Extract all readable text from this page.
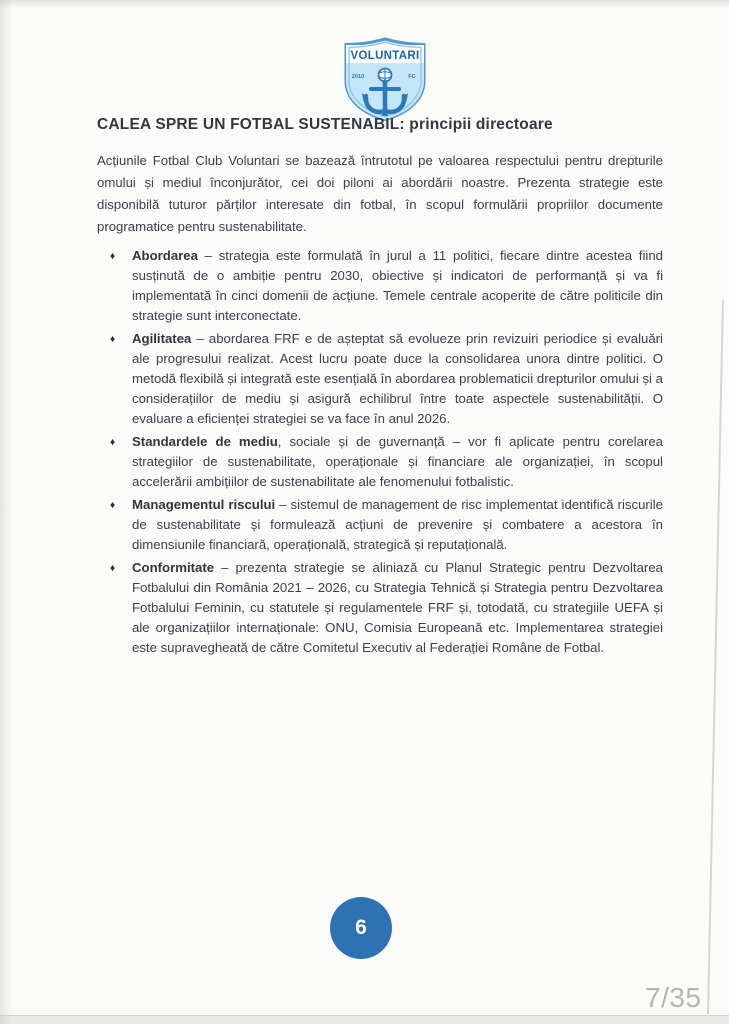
VOLUNTARI
2010	FC
CALEA SPRE UN FOTBAL SUSTENABIL: principii directoare

Acțiunile Fotbal Club Voluntari se bazează întrutotul pe valoarea respectului pentru drepturile omului și mediul înconjurător, cei doi piloni ai abordării noastre. Prezenta strategie este disponibilă tuturor părților interesate din fotbal, în scopul formulării propriilor documente programatice pentru sustenabilitate.

♦ Abordarea – strategia este formulată în jurul a 11 politici, fiecare dintre acestea fiind susținută de o ambiție pentru 2030, obiective și indicatori de performanță și va fi implementată în cinci domenii de acțiune. Temele centrale acoperite de către politicile din strategie sunt interconectate.
♦ Agilitatea – abordarea FRF e de așteptat să evolueze prin revizuiri periodice și evaluări ale progresului realizat. Acest lucru poate duce la consolidarea unora dintre politici. O metodă flexibilă și integrată este esențială în abordarea problematicii drepturilor omului și a considerațiilor de mediu și asigură echilibrul între toate aspectele sustenabilității. O evaluare a eficienței strategiei se va face în anul 2026.
♦ Standardele de mediu, sociale și de guvernanță – vor fi aplicate pentru corelarea strategiilor de sustenabilitate, operaționale și financiare ale organizației, în scopul accelerării ambițiilor de sustenabilitate ale fenomenului fotbalistic.
♦ Managementul riscului – sistemul de management de risc implementat identifică riscurile de sustenabilitate și formulează acțiuni de prevenire și combatere a acestora în dimensiunile financiară, operațională, strategică și reputațională.
♦ Conformitate – prezenta strategie se aliniază cu Planul Strategic pentru Dezvoltarea Fotbalului din România 2021 – 2026, cu Strategia Tehnică și Strategia pentru Dezvoltarea Fotbalului Feminin, cu statutele și regulamentele FRF și, totodată, cu strategiile UEFA și ale organizațiilor internaționale: ONU, Comisia Europeană etc. Implementarea strategiei este supravegheată de către Comitetul Executiv al Federației Române de Fotbal.
6
7/35
